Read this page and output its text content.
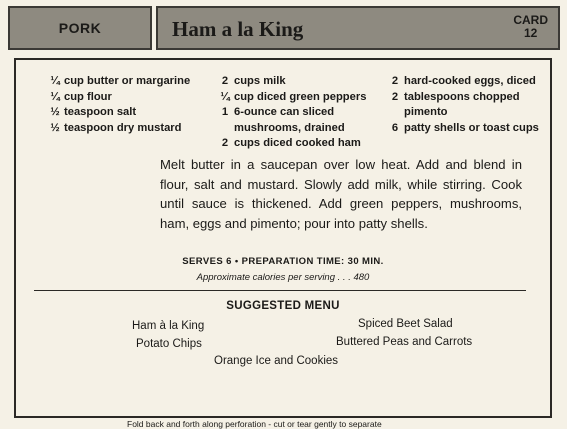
PORK	Ham a la King	CARD
12
¼ cup butter or margarine
¼ cup flour
½ teaspoon salt
½ teaspoon dry mustard
2 cups milk
¼ cup diced green peppers
1 6-ounce can sliced
mushrooms, drained
2 cups diced cooked ham
2 hard-cooked eggs, diced
2 tablespoons chopped
pimento
6 patty shells or toast cups
Melt butter in a saucepan over low heat. Add and blend in flour, salt and mustard. Slowly add milk, while stirring. Cook until sauce is thickened. Add green peppers, mushrooms, ham, eggs and pimento; pour into patty shells.
SERVES 6 • PREPARATION TIME: 30 MIN.
Approximate calories per serving . . . 480
SUGGESTED MENU
Ham à la King	Spiced Beet Salad
Potato Chips	Buttered Peas and Carrots
Orange Ice and Cookies
Fold back and forth along perforation - cut or tear gently to separate
